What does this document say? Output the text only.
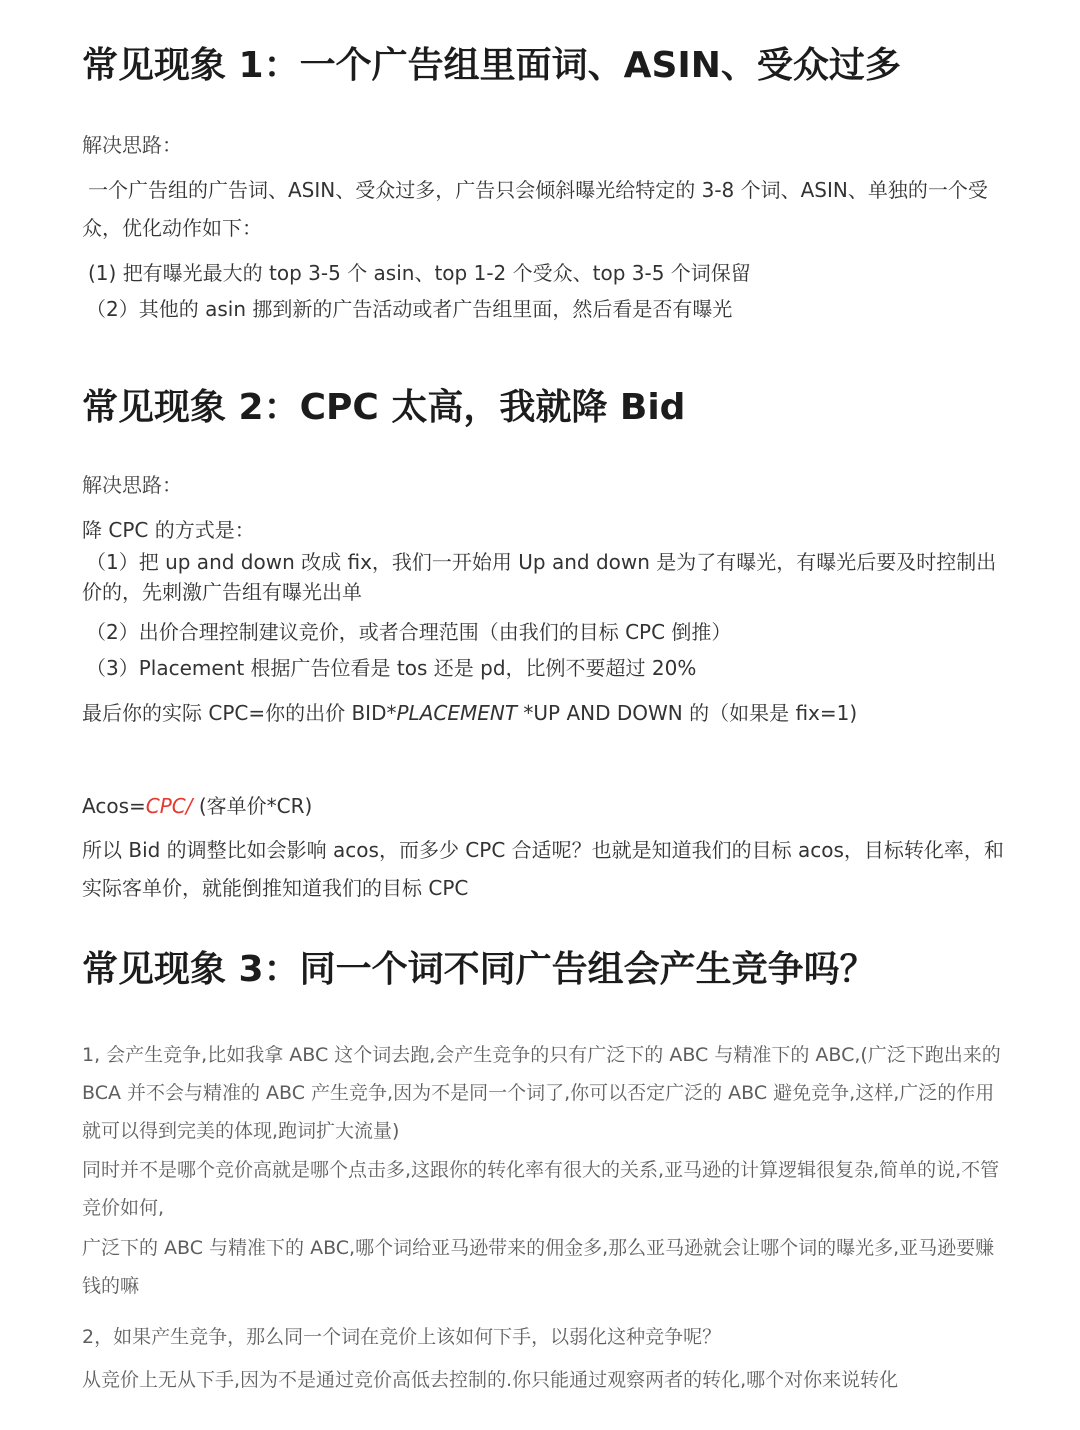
常见现象 1：一个广告组里面词、ASIN、受众过多
解决思路：
一个广告组的广告词、ASIN、受众过多，广告只会倾斜曝光给特定的 3-8 个词、ASIN、单独的一个受众，优化动作如下：
(1) 把有曝光最大的 top 3-5 个 asin、top 1-2 个受众、top 3-5 个词保留
（2）其他的 asin 挪到新的广告活动或者广告组里面，然后看是否有曝光
常见现象 2：CPC 太高，我就降 Bid
解决思路：
降 CPC 的方式是：
（1）把 up and down 改成 fix，我们一开始用 Up and down 是为了有曝光，有曝光后要及时控制出价的，先刺激广告组有曝光出单
（2）出价合理控制建议竞价，或者合理范围（由我们的目标 CPC 倒推）
（3）Placement 根据广告位看是 tos 还是 pd，比例不要超过 20%
最后你的实际 CPC=你的出价 BID*PLACEMENT *UP AND DOWN 的（如果是 fix=1)
Acos=CPC/ (客单价*CR)
所以 Bid 的调整比如会影响 acos，而多少 CPC 合适呢？也就是知道我们的目标 acos，目标转化率，和实际客单价，就能倒推知道我们的目标 CPC
常见现象 3：同一个词不同广告组会产生竞争吗？
1, 会产生竞争,比如我拿 ABC 这个词去跑,会产生竞争的只有广泛下的 ABC 与精准下的 ABC,(广泛下跑出来的 BCA 并不会与精准的 ABC 产生竞争,因为不是同一个词了,你可以否定广泛的 ABC 避免竞争,这样,广泛的作用就可以得到完美的体现,跑词扩大流量)
同时并不是哪个竞价高就是哪个点击多,这跟你的转化率有很大的关系,亚马逊的计算逻辑很复杂,简单的说,不管竞价如何,
广泛下的 ABC 与精准下的 ABC,哪个词给亚马逊带来的佣金多,那么亚马逊就会让哪个词的曝光多,亚马逊要赚钱的嘛
2，如果产生竞争，那么同一个词在竞价上该如何下手，以弱化这种竞争呢？
从竞价上无从下手,因为不是通过竞价高低去控制的.你只能通过观察两者的转化,哪个对你来说转化
